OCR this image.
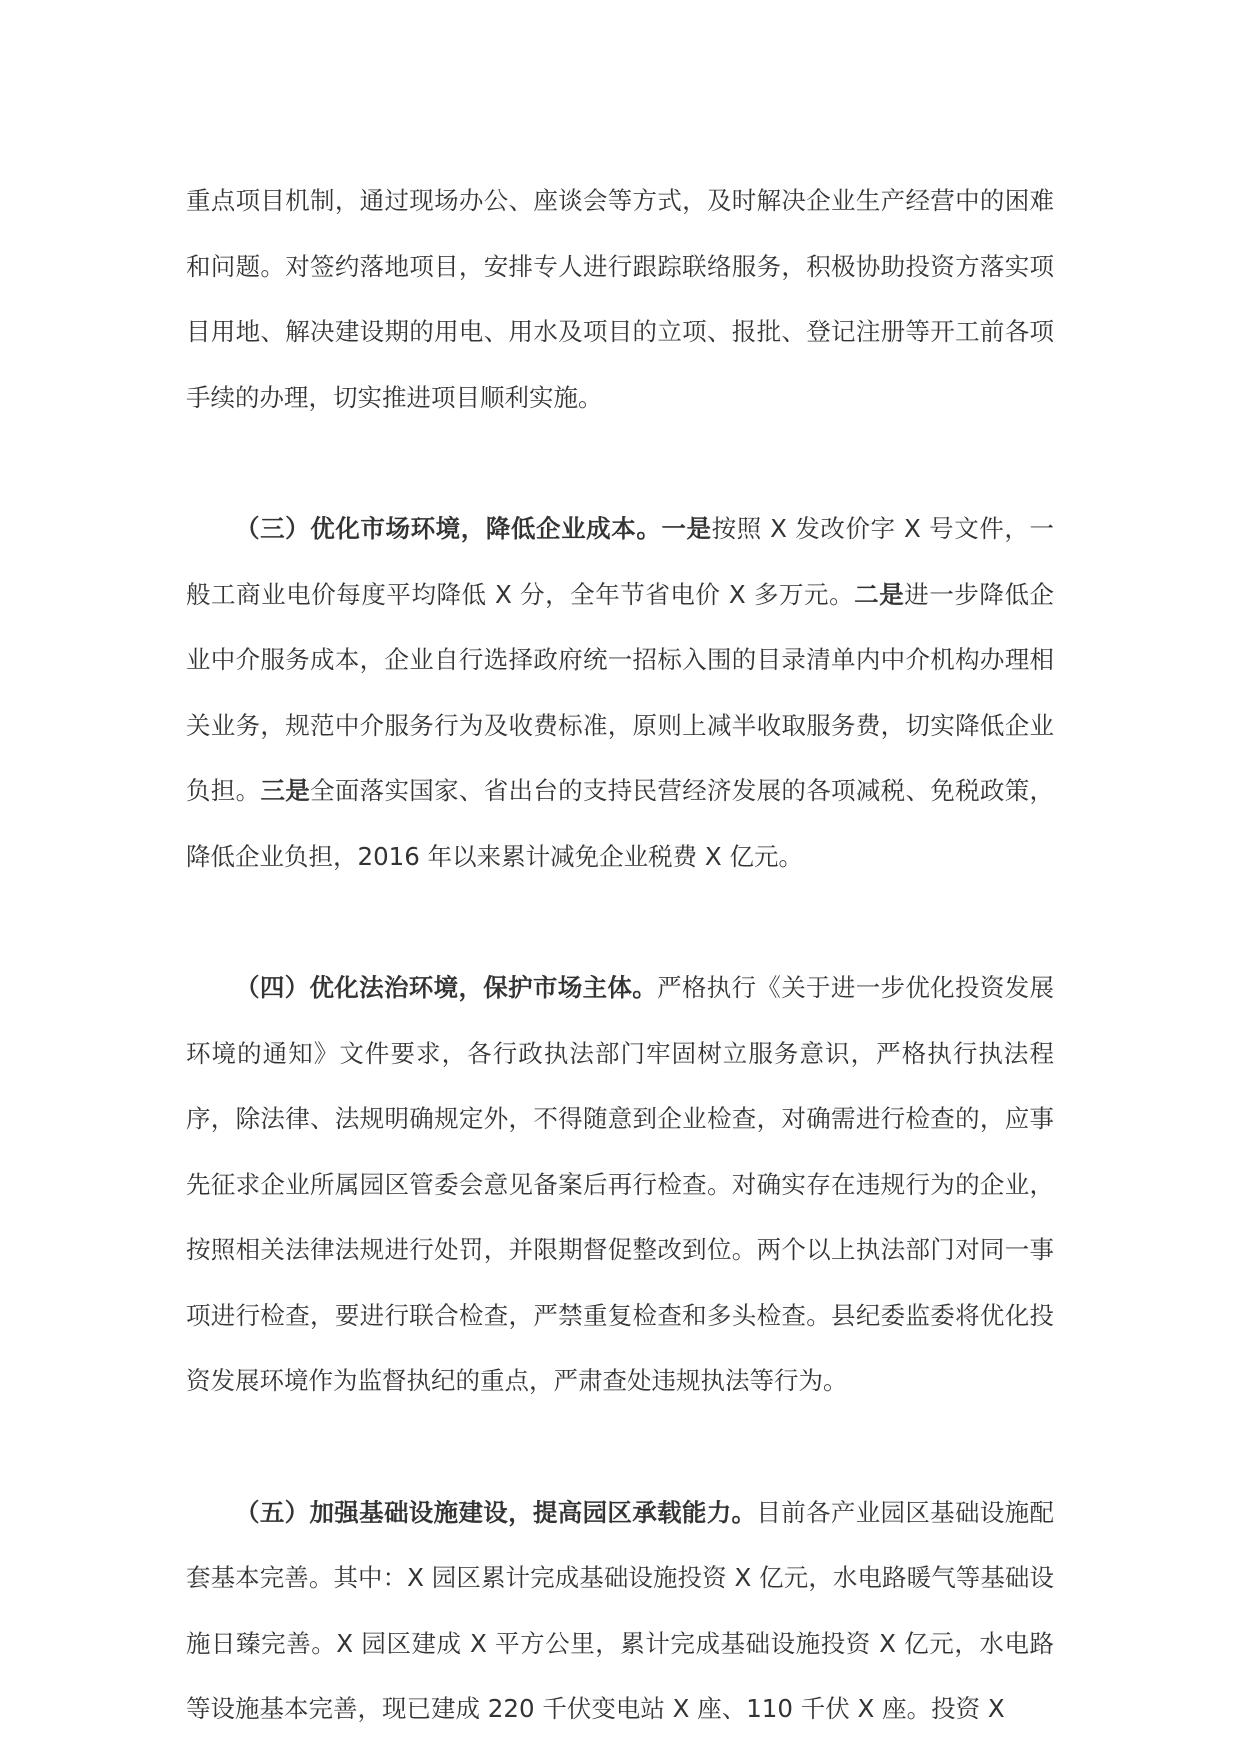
重点项目机制，通过现场办公、座谈会等方式，及时解决企业生产经营中的困难和问题。对签约落地项目，安排专人进行跟踪联络服务，积极协助投资方落实项目用地、解决建设期的用电、用水及项目的立项、报批、登记注册等开工前各项手续的办理，切实推进项目顺利实施。

（三）优化市场环境，降低企业成本。一是按照 X 发改价字 X 号文件，一般工商业电价每度平均降低 X 分，全年节省电价 X 多万元。二是进一步降低企业中介服务成本，企业自行选择政府统一招标入围的目录清单内中介机构办理相关业务，规范中介服务行为及收费标准，原则上减半收取服务费，切实降低企业负担。三是全面落实国家、省出台的支持民营经济发展的各项减税、免税政策，降低企业负担，2016 年以来累计减免企业税费 X 亿元。

（四）优化法治环境，保护市场主体。严格执行《关于进一步优化投资发展环境的通知》文件要求，各行政执法部门牢固树立服务意识，严格执行执法程序，除法律、法规明确规定外，不得随意到企业检查，对确需进行检查的，应事先征求企业所属园区管委会意见备案后再行检查。对确实存在违规行为的企业，按照相关法律法规进行处罚，并限期督促整改到位。两个以上执法部门对同一事项进行检查，要进行联合检查，严禁重复检查和多头检查。县纪委监委将优化投资发展环境作为监督执纪的重点，严肃查处违规执法等行为。

（五）加强基础设施建设，提高园区承载能力。目前各产业园区基础设施配套基本完善。其中：X 园区累计完成基础设施投资 X 亿元，水电路暖气等基础设施日臻完善。X 园区建成 X 平方公里，累计完成基础设施投资 X 亿元，水电路等设施基本完善，现已建成 220 千伏变电站 X 座、110 千伏 X 座。投资 X
